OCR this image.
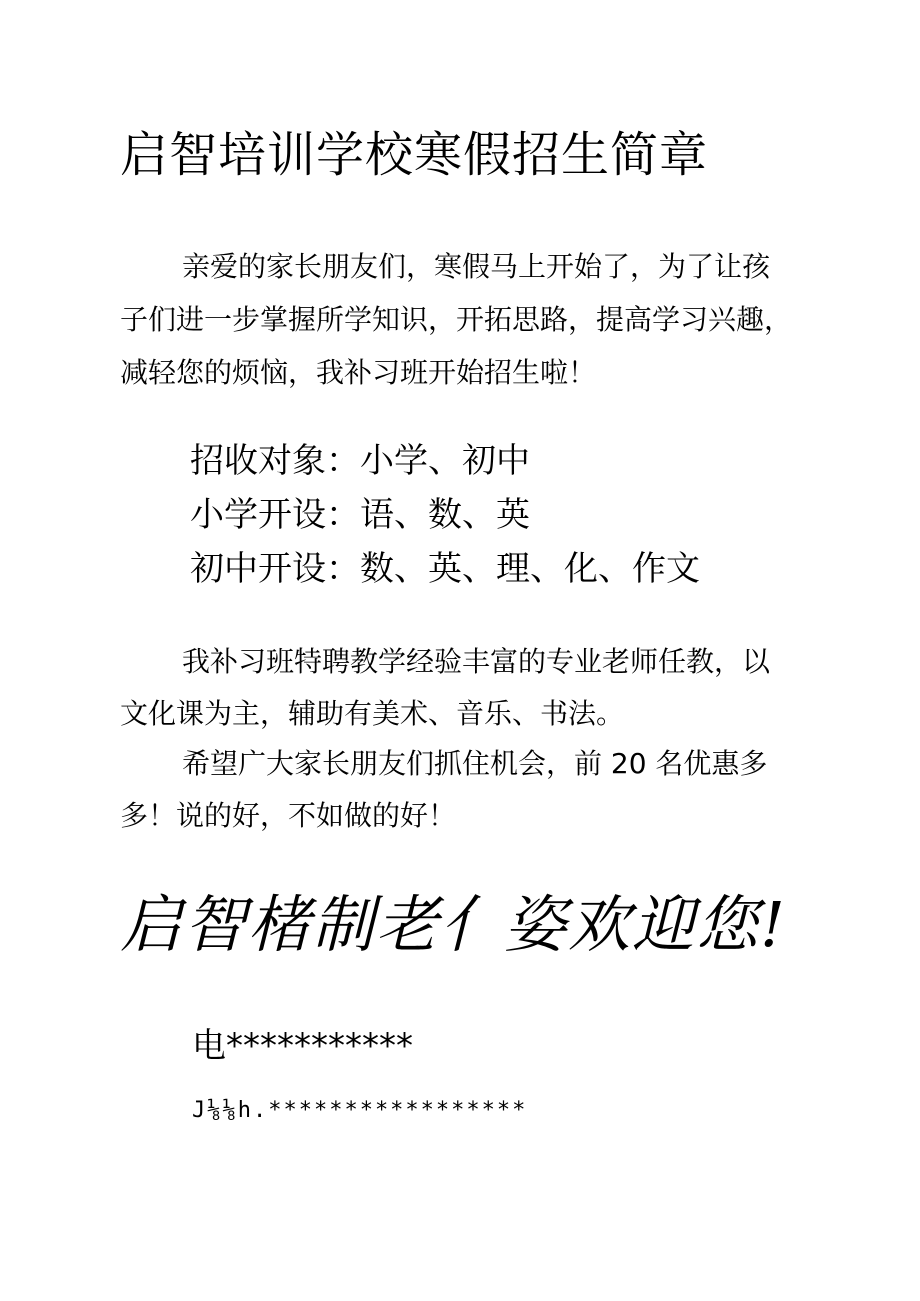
启智培训学校寒假招生简章
亲爱的家长朋友们，寒假马上开始了，为了让孩
子们进一步掌握所学知识，开拓思路，提高学习兴趣，
减轻您的烦恼，我补习班开始招生啦！
招收对象：小学、初中
小学开设：语、数、英
初中开设：数、英、理、化、作文
我补习班特聘教学经验丰富的专业老师任教，以
文化课为主，辅助有美术、音乐、书法。
希望广大家长朋友们抓住机会，前 20 名优惠多
多！说的好，不如做的好！
启智楮制老亻姿欢迎您!
电***********
J⅛⅛h.*****************
